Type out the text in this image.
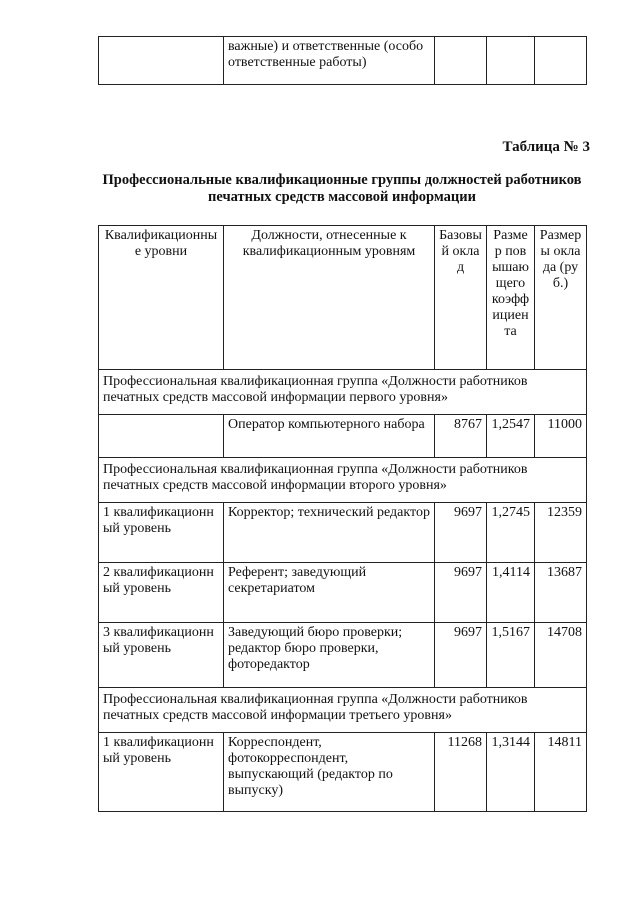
	важные) и ответственные (особо ответственные работы)			
Таблица № 3
Профессиональные квалификационные группы должностей работников печатных средств массовой информации
Квалификационные уровни	Должности, отнесенные к квалификационным уровням	Базовый оклад	Размер повышающего коэффициента	Размеры оклада (руб.)
Профессиональная квалификационная группа «Должности работников печатных средств массовой информации первого уровня»				
	Оператор компьютерного набора	8767	1,2547	11000
Профессиональная квалификационная группа «Должности работников печатных средств массовой информации второго уровня»				
1 квалификационный уровень	Корректор; технический редактор	9697	1,2745	12359
2 квалификационный уровень	Референт; заведующий секретариатом	9697	1,4114	13687
3 квалификационный уровень	Заведующий бюро проверки; редактор бюро проверки, фоторедактор	9697	1,5167	14708
Профессиональная квалификационная группа «Должности работников печатных средств массовой информации третьего уровня»				
1 квалификационный уровень	Корреспондент, фотокорреспондент, выпускающий (редактор по выпуску)	11268	1,3144	14811
